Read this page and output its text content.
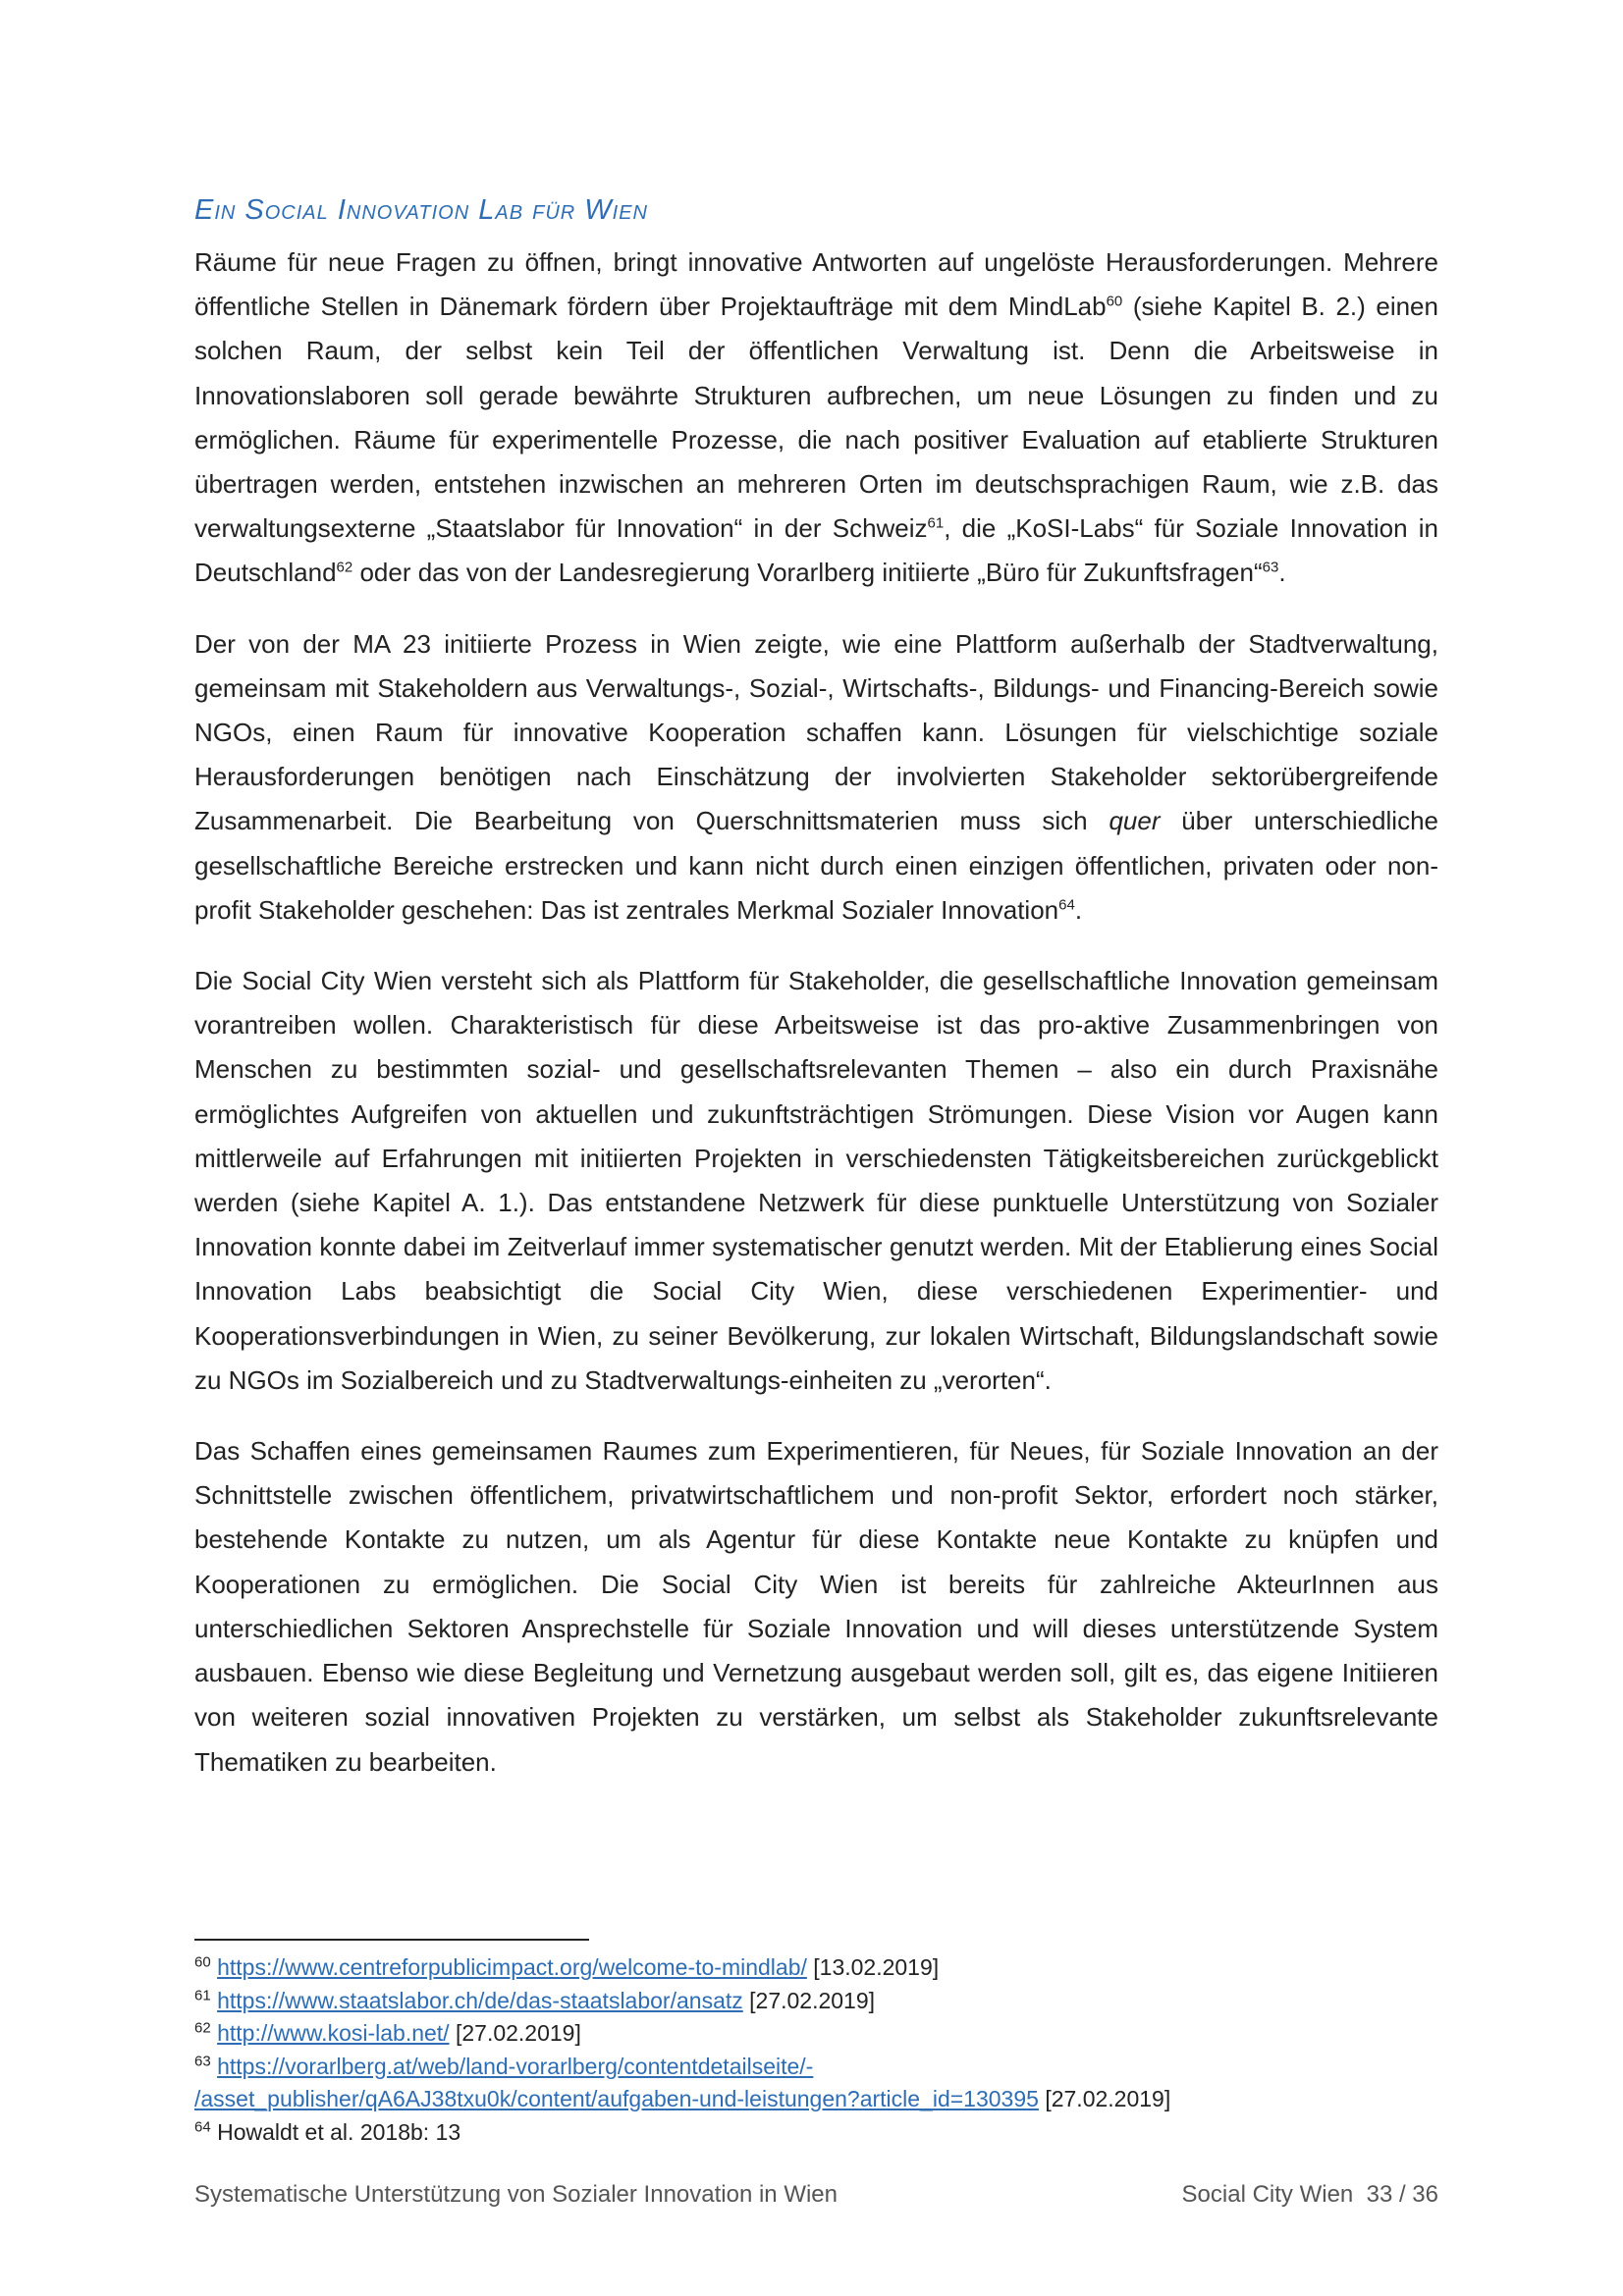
Ein Social Innovation Lab für Wien

Räume für neue Fragen zu öffnen, bringt innovative Antworten auf ungelöste Herausforderungen. Mehrere öffentliche Stellen in Dänemark fördern über Projektaufträge mit dem MindLab$^{60}$ (siehe Kapitel B. 2.) einen solchen Raum, der selbst kein Teil der öffentlichen Verwaltung ist. Denn die Arbeitsweise in Innovationslaboren soll gerade bewährte Strukturen aufbrechen, um neue Lösungen zu finden und zu ermöglichen. Räume für experimentelle Prozesse, die nach positiver Evaluation auf etablierte Strukturen übertragen werden, entstehen inzwischen an mehreren Orten im deutschsprachigen Raum, wie z.B. das verwaltungsexterne „Staatslabor für Innovation“ in der Schweiz$^{61}$, die „KoSI-Labs“ für Soziale Innovation in Deutschland$^{62}$ oder das von der Landesregierung Vorarlberg initiierte „Büro für Zukunftsfragen“$^{63}$.

Der von der MA 23 initiierte Prozess in Wien zeigte, wie eine Plattform außerhalb der Stadtverwaltung, gemeinsam mit Stakeholdern aus Verwaltungs-, Sozial-, Wirtschafts-, Bildungs- und Financing-Bereich sowie NGOs, einen Raum für innovative Kooperation schaffen kann. Lösungen für vielschichtige soziale Herausforderungen benötigen nach Einschätzung der involvierten Stakeholder sektorübergreifende Zusammenarbeit. Die Bearbeitung von Querschnittsmaterien muss sich quer über unterschiedliche gesellschaftliche Bereiche erstrecken und kann nicht durch einen einzigen öffentlichen, privaten oder non-profit Stakeholder geschehen: Das ist zentrales Merkmal Sozialer Innovation$^{64}$.

Die Social City Wien versteht sich als Plattform für Stakeholder, die gesellschaftliche Innovation gemeinsam vorantreiben wollen. Charakteristisch für diese Arbeitsweise ist das pro-aktive Zusammenbringen von Menschen zu bestimmten sozial- und gesellschaftsrelevanten Themen – also ein durch Praxisnähe ermöglichtes Aufgreifen von aktuellen und zukunftsträchtigen Strömungen. Diese Vision vor Augen kann mittlerweile auf Erfahrungen mit initiierten Projekten in verschiedensten Tätigkeitsbereichen zurückgeblickt werden (siehe Kapitel A. 1.). Das entstandene Netzwerk für diese punktuelle Unterstützung von Sozialer Innovation konnte dabei im Zeitverlauf immer systematischer genutzt werden. Mit der Etablierung eines Social Innovation Labs beabsichtigt die Social City Wien, diese verschiedenen Experimentier- und Kooperationsverbindungen in Wien, zu seiner Bevölkerung, zur lokalen Wirtschaft, Bildungslandschaft sowie zu NGOs im Sozialbereich und zu Stadtverwaltungs-einheiten zu „verorten“.

Das Schaffen eines gemeinsamen Raumes zum Experimentieren, für Neues, für Soziale Innovation an der Schnittstelle zwischen öffentlichem, privatwirtschaftlichem und non-profit Sektor, erfordert noch stärker, bestehende Kontakte zu nutzen, um als Agentur für diese Kontakte neue Kontakte zu knüpfen und Kooperationen zu ermöglichen. Die Social City Wien ist bereits für zahlreiche AkteurInnen aus unterschiedlichen Sektoren Ansprechstelle für Soziale Innovation und will dieses unterstützende System ausbauen. Ebenso wie diese Begleitung und Vernetzung ausgebaut werden soll, gilt es, das eigene Initiieren von weiteren sozial innovativen Projekten zu verstärken, um selbst als Stakeholder zukunftsrelevante Thematiken zu bearbeiten.

$^{60}$ https://www.centreforpublicimpact.org/welcome-to-mindlab/ [13.02.2019]

$^{61}$ https://www.staatslabor.ch/de/das-staatslabor/ansatz [27.02.2019]

$^{62}$ http://www.kosi-lab.net/ [27.02.2019]

$^{63}$ https://vorarlberg.at/web/land-vorarlberg/contentdetailseite/-

/asset_publisher/qA6AJ38txu0k/content/aufgaben-und-leistungen?article_id=130395 [27.02.2019]

$^{64}$ Howaldt et al. 2018b: 13

Systematische Unterstützung von Sozialer Innovation in Wien	Social City Wien  33 / 36
